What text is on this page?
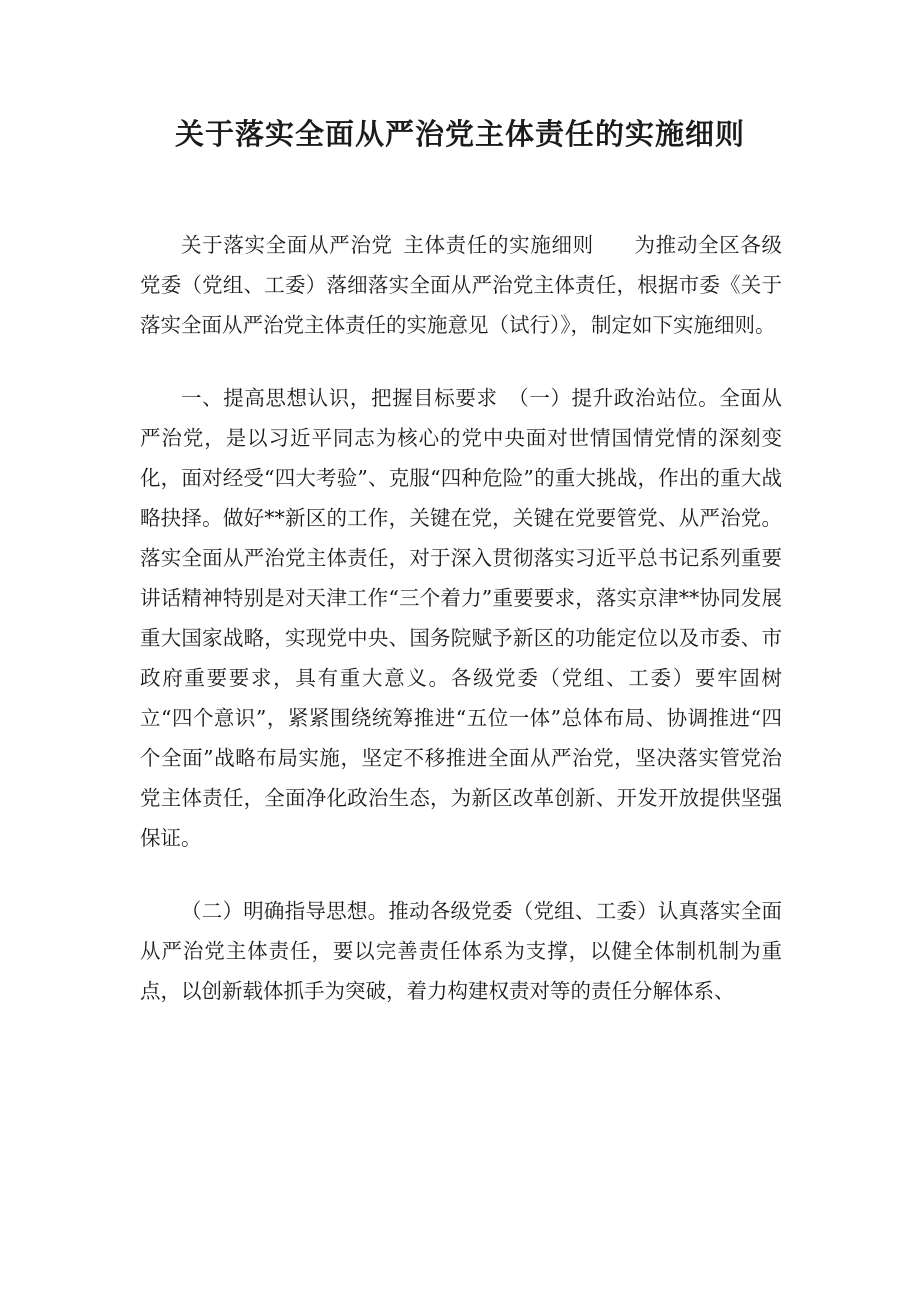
关于落实全面从严治党主体责任的实施细则

关于落实全面从严治党 主体责任的实施细则 为推动全区各级党委（党组、工委）落细落实全面从严治党主体责任，根据市委《关于落实全面从严治党主体责任的实施意见（试行）》，制定如下实施细则。

一、提高思想认识，把握目标要求 （一）提升政治站位。全面从严治党，是以习近平同志为核心的党中央面对世情国情党情的深刻变化，面对经受“四大考验”、克服“四种危险”的重大挑战，作出的重大战略抉择。做好**新区的工作，关键在党，关键在党要管党、从严治党。落实全面从严治党主体责任，对于深入贯彻落实习近平总书记系列重要讲话精神特别是对天津工作“三个着力”重要要求，落实京津**协同发展重大国家战略，实现党中央、国务院赋予新区的功能定位以及市委、市政府重要要求，具有重大意义。各级党委（党组、工委）要牢固树立“四个意识”，紧紧围绕统筹推进“五位一体”总体布局、协调推进“四个全面”战略布局实施，坚定不移推进全面从严治党，坚决落实管党治党主体责任，全面净化政治生态，为新区改革创新、开发开放提供坚强保证。

（二）明确指导思想。推动各级党委（党组、工委）认真落实全面从严治党主体责任，要以完善责任体系为支撑，以健全体制机制为重点，以创新载体抓手为突破，着力构建权责对等的责任分解体系、
